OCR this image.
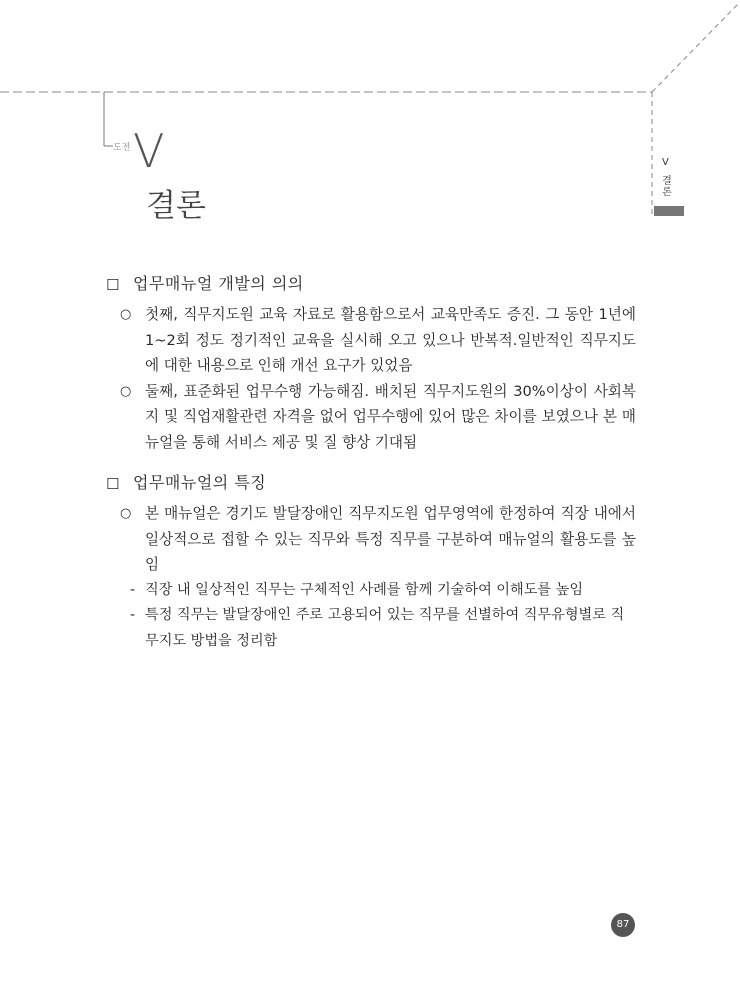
도전 V
결론
V
결론
☐ 업무매뉴얼 개발의 의의
○ 첫째, 직무지도원 교육 자료로 활용함으로서 교육만족도 증진. 그 동안 1년에 1~2회 정도 정기적인 교육을 실시해 오고 있으나 반복적.일반적인 직무지도에 대한 내용으로 인해 개선 요구가 있었음
○ 둘째, 표준화된 업무수행 가능해짐. 배치된 직무지도원의 30%이상이 사회복지 및 직업재활관련 자격을 없어 업무수행에 있어 많은 차이를 보였으나 본 매뉴얼을 통해 서비스 제공 및 질 향상 기대됨
☐ 업무매뉴얼의 특징
○ 본 매뉴얼은 경기도 발달장애인 직무지도원 업무영역에 한정하여 직장 내에서 일상적으로 접할 수 있는 직무와 특정 직무를 구분하여 매뉴얼의 활용도를 높임
- 직장 내 일상적인 직무는 구체적인 사례를 함께 기술하여 이해도를 높임
- 특정 직무는 발달장애인 주로 고용되어 있는 직무를 선별하여 직무유형별로 직무지도 방법을 정리함
87
